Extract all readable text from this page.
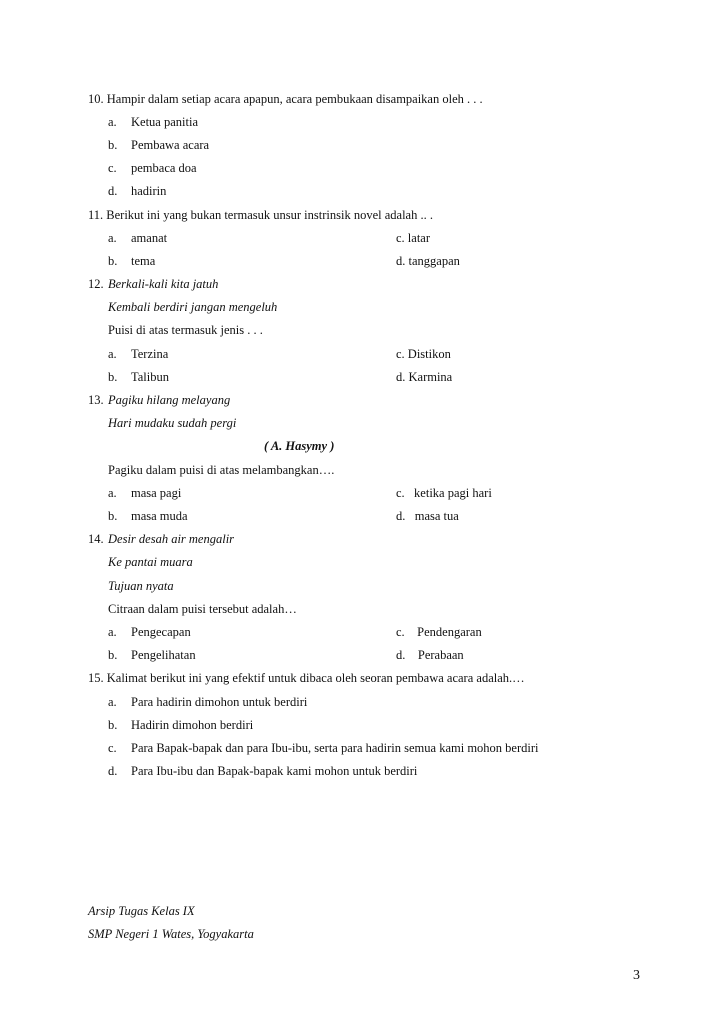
10. Hampir dalam setiap acara apapun, acara pembukaan disampaikan oleh . . .
a. Ketua panitia
b. Pembawa acara
c. pembaca doa
d. hadirin
11. Berikut ini yang bukan termasuk unsur instrinsik novel adalah .. .
a. amanat	c. latar
b. tema	d. tanggapan
12. Berkali-kali kita jatuh
Kembali berdiri jangan mengeluh
Puisi di atas termasuk jenis . . .
a. Terzina	c. Distikon
b. Talibun	d. Karmina
13. Pagiku hilang melayang
Hari mudaku sudah pergi
( A. Hasymy )
Pagiku dalam puisi di atas melambangkan….
a. masa pagi	c.   ketika pagi hari
b. masa muda	d.   masa tua
14. Desir desah air mengalir
Ke pantai muara
Tujuan nyata
Citraan dalam puisi tersebut adalah…
a. Pengecapan	c.    Pendengaran
b. Pengelihatan	d.    Perabaan
15. Kalimat berikut ini yang efektif untuk dibaca oleh seoran pembawa acara adalah.…
a. Para hadirin dimohon untuk berdiri
b. Hadirin dimohon berdiri
c. Para Bapak-bapak dan para Ibu-ibu, serta para hadirin semua kami mohon berdiri
d. Para Ibu-ibu dan Bapak-bapak kami mohon untuk berdiri
Arsip Tugas Kelas IX
SMP Negeri 1 Wates, Yogyakarta
3
